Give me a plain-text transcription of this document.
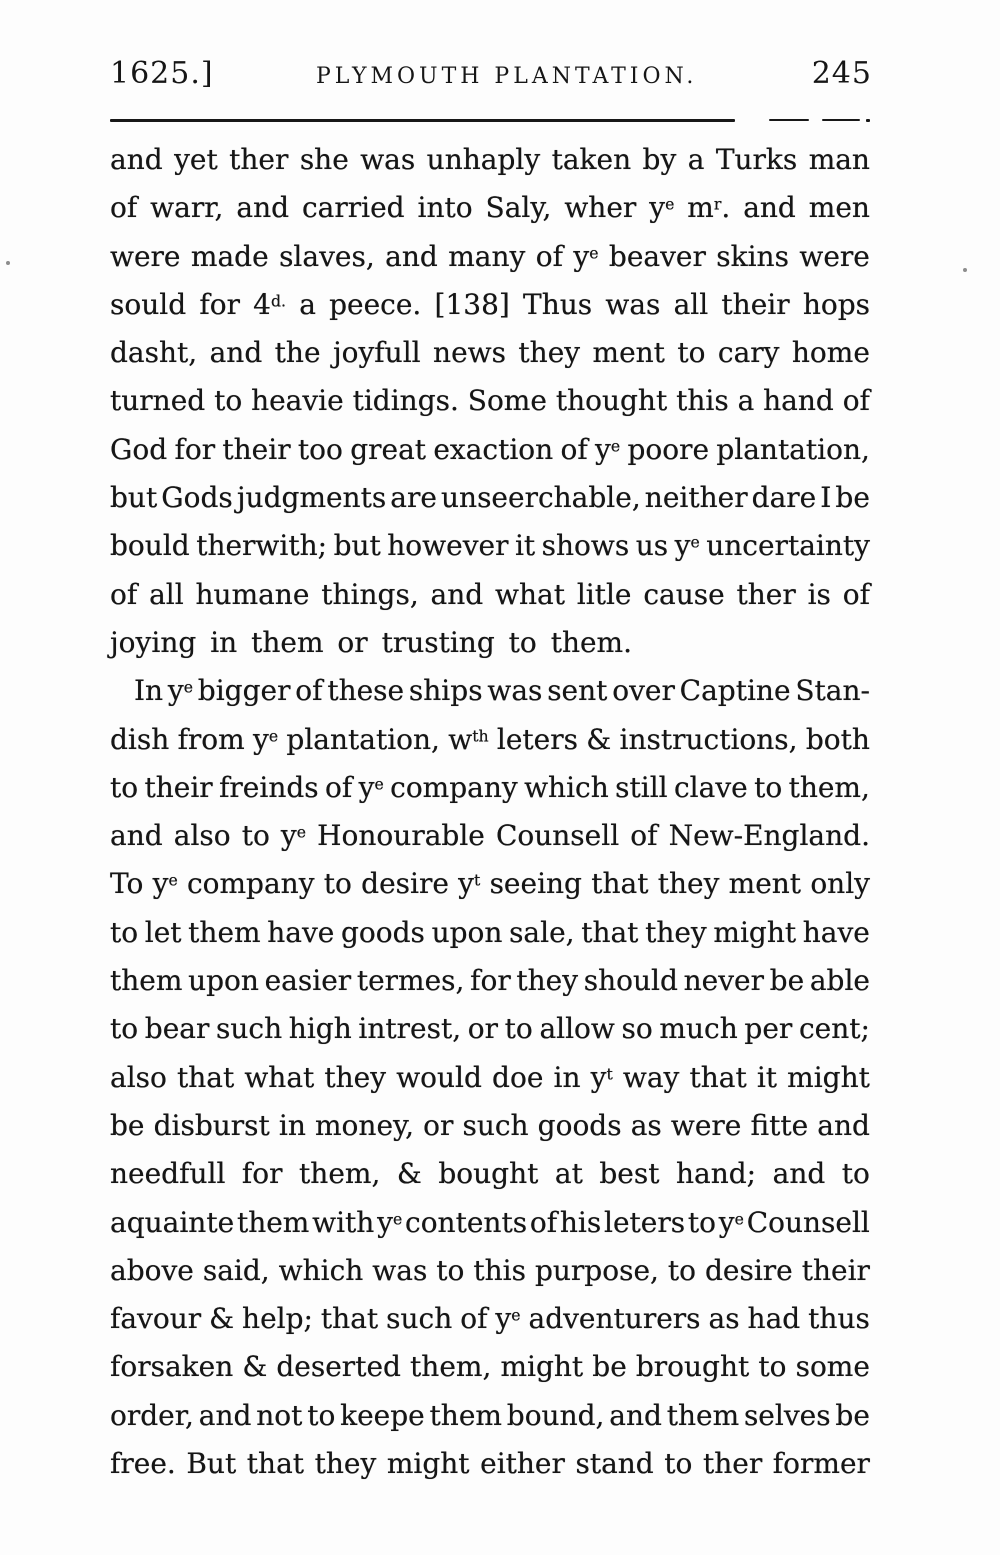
1625.]	PLYMOUTH PLANTATION.	245
and yet ther she was unhaply taken by a Turks man
of warr, and carried into Saly, wher $y^e$ $m^r$. and men
were made slaves, and many of $y^e$ beaver skins were
sould for $4^{d.}$ a peece. [138] Thus was all their hops
dasht, and the joyfull news they ment to cary home
turned to heavie tidings. Some thought this a hand of
God for their too great exaction of $y^e$ poore plantation,
but Gods judgments are unseerchable, neither dare I be
bould therwith; but however it shows us $y^e$ uncertainty
of all humane things, and what litle cause ther is of
joying in them or trusting to them.
In $y^e$ bigger of these ships was sent over Captine Stan-
dish from $y^e$ plantation, $w^{th}$ leters & instructions, both
to their freinds of $y^e$ company which still clave to them,
and also to $y^e$ Honourable Counsell of New-England.
To $y^e$ company to desire $y^t$ seeing that they ment only
to let them have goods upon sale, that they might have
them upon easier termes, for they should never be able
to bear such high intrest, or to allow so much per cent;
also that what they would doe in $y^t$ way that it might
be disburst in money, or such goods as were fitte and
needfull for them, & bought at best hand; and to
aquainte them with $y^e$ contents of his leters to $y^e$ Counsell
above said, which was to this purpose, to desire their
favour & help; that such of $y^e$ adventurers as had thus
forsaken & deserted them, might be brought to some
order, and not to keepe them bound, and them selves be
free. But that they might either stand to ther former
